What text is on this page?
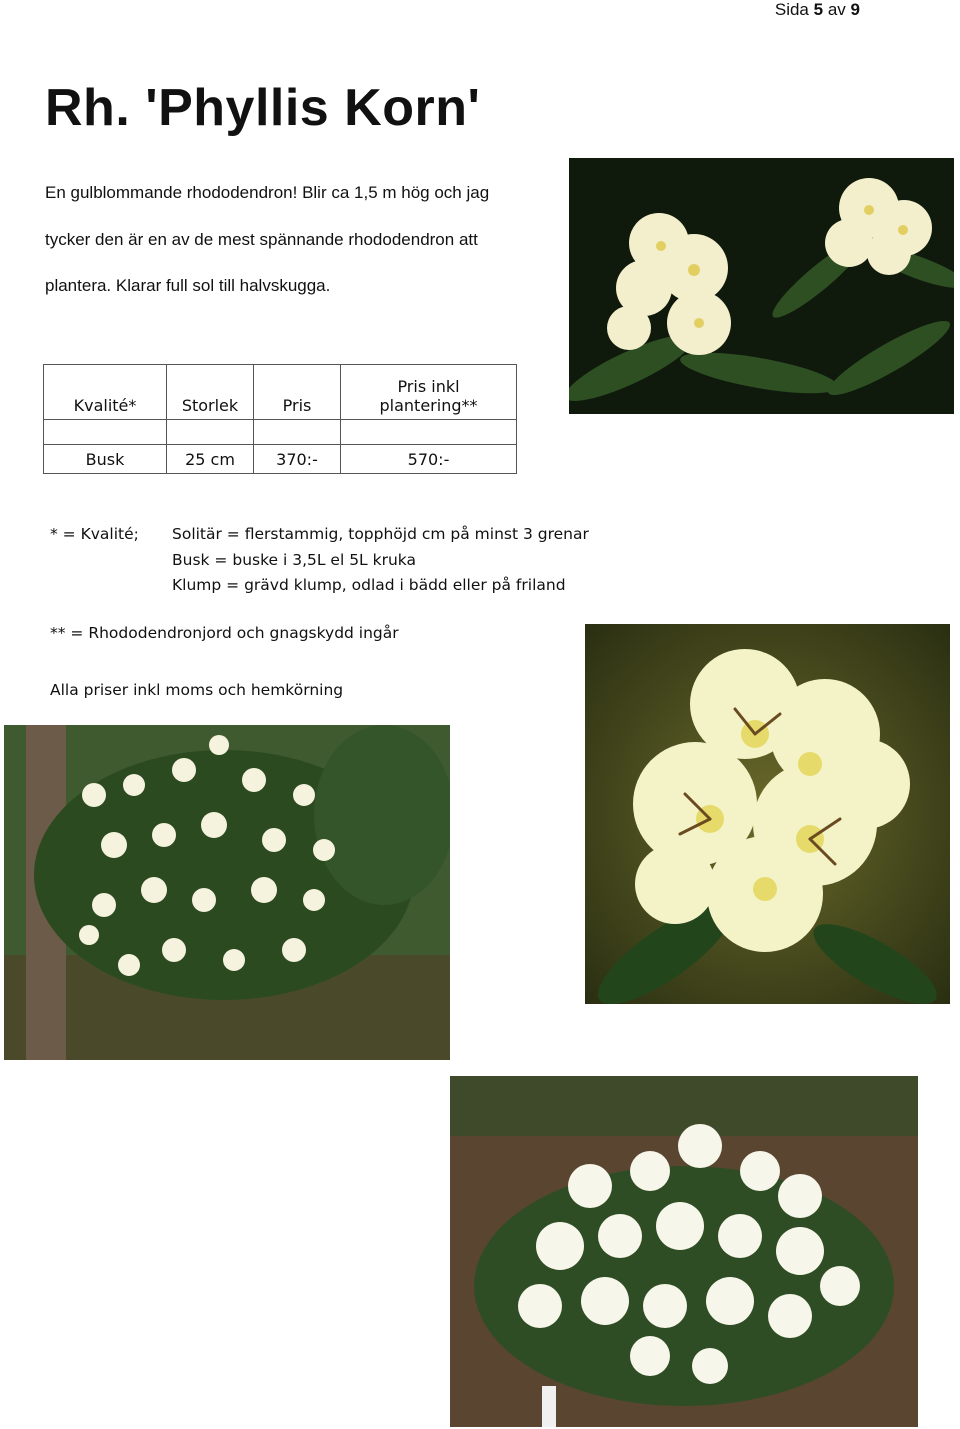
Sida 5 av 9
Rh. 'Phyllis Korn'
En gulblommande rhododendron! Blir ca 1,5 m hög och jag
tycker den är en av de mest spännande rhododendron att
plantera. Klarar full sol till halvskugga.
Kvalité*	Storlek	Pris	Pris inkl
plantering**

Busk	25 cm	370:-	570:-
* = Kvalité; Solitär = flerstammig, topphöjd cm på minst 3 grenar
Busk = buske i 3,5L el 5L kruka
Klump = grävd klump, odlad i bädd eller på friland
** = Rhododendronjord och gnagskydd ingår
Alla priser inkl moms och hemkörning
